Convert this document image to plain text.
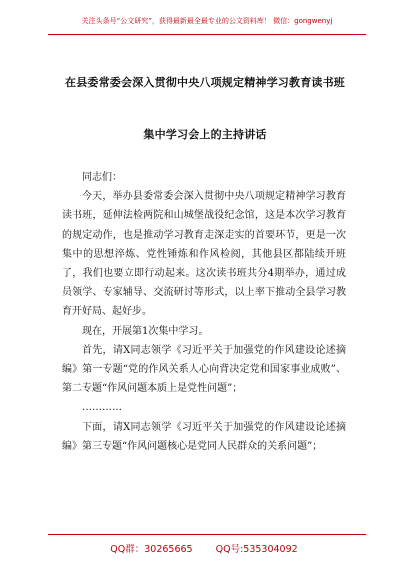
关注头条号“公文研究”，获得最新最全最专业的公文资料库！ 微信：gongwenyj
在县委常委会深入贯彻中央八项规定精神学习教育读书班
集中学习会上的主持讲话

同志们：

今天，举办县委常委会深入贯彻中央八项规定精神学习教育读书班，延伸法检两院和山城堡战役纪念馆，这是本次学习教育的规定动作，也是推动学习教育走深走实的首要环节，更是一次集中的思想淬炼、党性锤炼和作风检阅，其他县区都陆续开班了，我们也要立即行动起来。这次读书班共分4期举办，通过成员领学、专家辅导、交流研讨等形式，以上率下推动全县学习教育开好局、起好步。

现在，开展第1次集中学习。

首先，请X同志领学《习近平关于加强党的作风建设论述摘编》第一专题“党的作风关系人心向背决定党和国家事业成败”、第二专题“作风问题本质上是党性问题”；

…………

下面，请X同志领学《习近平关于加强党的作风建设论述摘编》第三专题“作风问题核心是党同人民群众的关系问题”；

QQ群：30265665 QQ号:535304092
